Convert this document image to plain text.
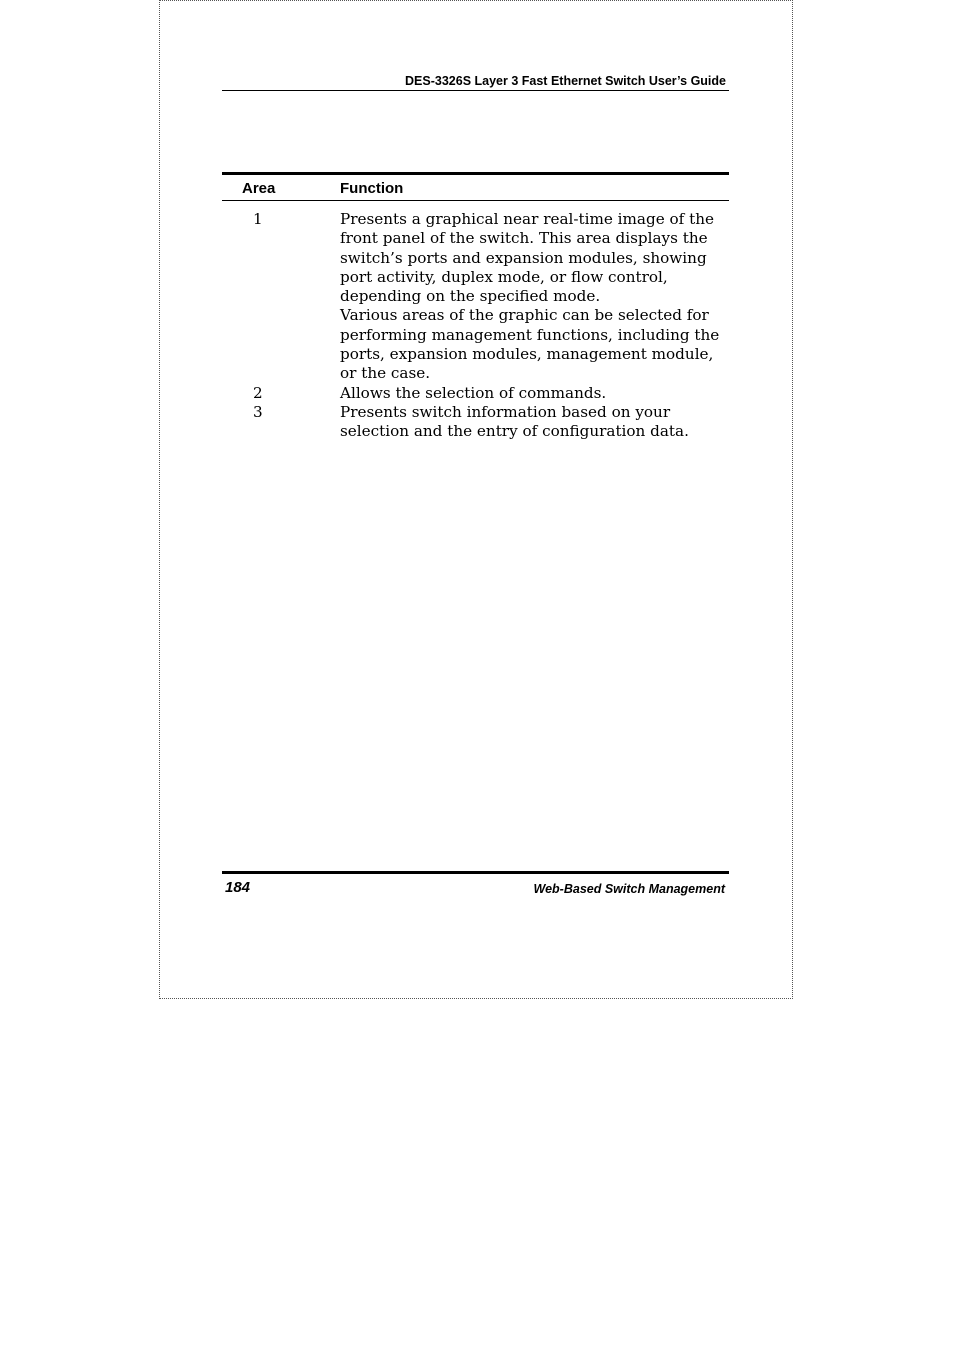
DES-3326S Layer 3 Fast Ethernet Switch User’s Guide
Area	Function
1	Presents a graphical near real-time image of the front panel of the switch. This area displays the switch’s ports and expansion modules, showing port activity, duplex mode, or flow control, depending on the specified mode.

Various areas of the graphic can be selected for performing management functions, including the ports, expansion modules, management module, or the case.

2	Allows the selection of commands.

3	Presents switch information based on your selection and the entry of configuration data.

184	Web-Based Switch Management
